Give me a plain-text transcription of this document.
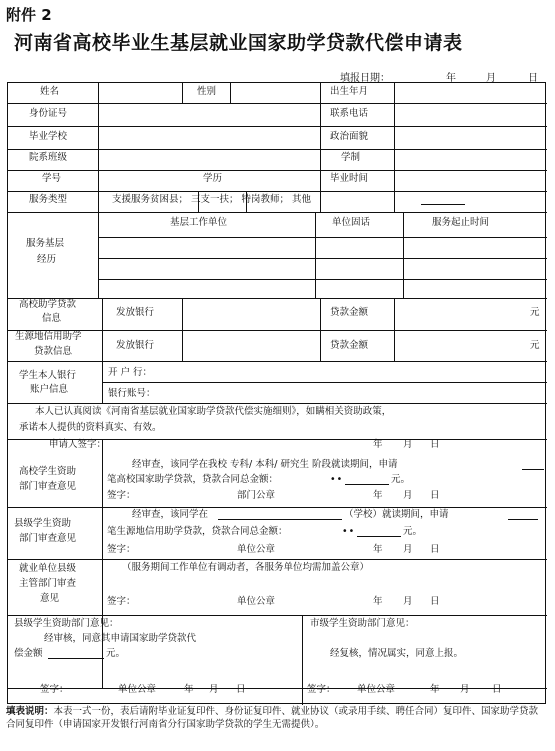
附件 2
河南省高校毕业生基层就业国家助学贷款代偿申请表
填报日期：	年	月	日
姓名	性别	出生年月
身份证号	联系电话
毕业学校	政治面貌
院系班级	学制
学号	学历	毕业时间
服务类型	支援服务贫困县； 三支一扶； 特岗教师； 其他
服务基层
经历
基层工作单位	单位固话	服务起止时间
高校助学贷款
信息
发放银行	贷款金额	元
生源地信用助学
贷款信息
发放银行	贷款金额	元
学生本人银行
账户信息
开 户 行：
银行账号：
本人已认真阅读《河南省基层就业国家助学贷款代偿实施细则》，如瞒相关资助政策，
承诺本人提供的资料真实、有效。
申请人签字：	年 月 日
高校学生资助
部门审查意见
经审查，该同学在我校 专科/ 本科/ 研究生 阶段就读期间，申请
笔高校国家助学贷款，贷款合同总金额：	••	元。
签字：	部门公章	年 月 日
县级学生资助
部门审查意见
经审查，该同学在	（学校）就读期间，申请
笔生源地信用助学贷款，贷款合同总金额：	••	元。
签字：	单位公章	年 月 日
就业单位县级
主管部门审查
意见
（服务期间工作单位有调动者，各服务单位均需加盖公章）
签字：	单位公章	年 月 日
县级学生资助部门意见：
经审核，同意其申请国家助学贷款代
偿金额	元。
签字：	单位公章	年 月 日
市级学生资助部门意见：
经复核，情况属实，同意上报。
签字： 单位公章	年 月 日
填表说明：本表一式一份，表后请附毕业证复印件、身份证复印件、就业协议（或录用手续、聘任合同）复印件、国家助学贷款合同复印件（申请国家开发银行河南省分行国家助学贷款的学生无需提供）。
